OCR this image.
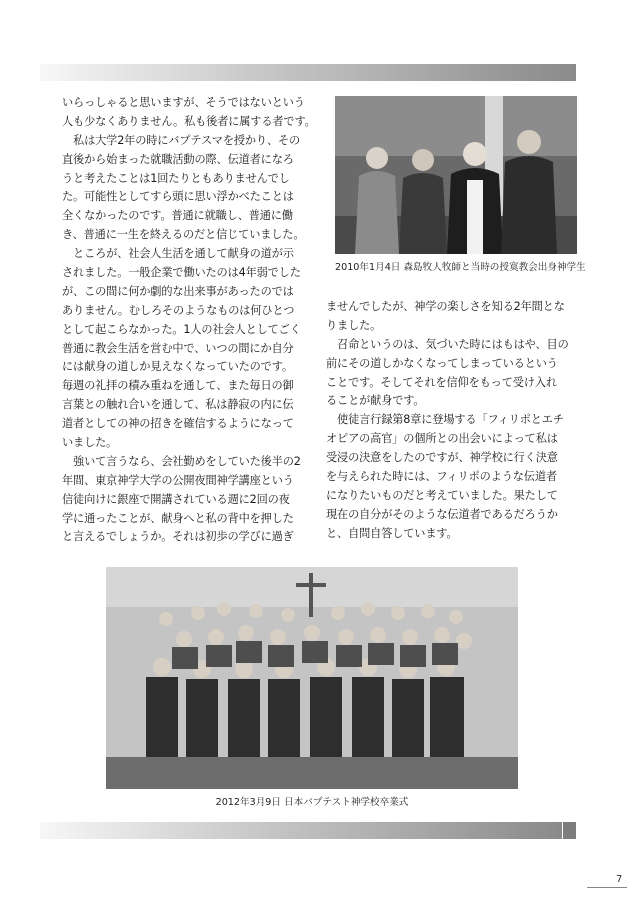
いらっしゃると思いますが、そうではないという
人も少なくありません。私も後者に属する者です。
　私は大学2年の時にバプテスマを授かり、その
直後から始まった就職活動の際、伝道者になろ
うと考えたことは1回たりともありませんでし
た。可能性としてすら頭に思い浮かべたことは
全くなかったのです。普通に就職し、普通に働
き、普通に一生を終えるのだと信じていました。
　ところが、社会人生活を通して献身の道が示
されました。一般企業で働いたのは4年弱でした
が、この間に何か劇的な出来事があったのでは
ありません。むしろそのようなものは何ひとつ
として起こらなかった。1人の社会人としてごく
普通に教会生活を営む中で、いつの間にか自分
には献身の道しか見えなくなっていたのです。
毎週の礼拝の積み重ねを通して、また毎日の御
言葉との触れ合いを通して、私は静寂の内に伝
道者としての神の招きを確信するようになって
いました。
　強いて言うなら、会社勤めをしていた後半の2
年間、東京神学大学の公開夜間神学講座という
信徒向けに銀座で開講されている週に2回の夜
学に通ったことが、献身へと私の背中を押した
と言えるでしょうか。それは初歩の学びに過ぎ
2010年1月4日 森島牧人牧師と当時の授寞教会出身神学生
ませんでしたが、神学の楽しさを知る2年間とな
りました。
　召命というのは、気づいた時にはもはや、目の
前にその道しかなくなってしまっているという
ことです。そしてそれを信仰をもって受け入れ
ることが献身です。
　使徒言行録第8章に登場する「フィリポとエチ
オピアの高官」の個所との出会いによって私は
受浸の決意をしたのですが、神学校に行く決意
を与えられた時には、フィリポのような伝道者
になりたいものだと考えていました。果たして
現在の自分がそのような伝道者であるだろうか
と、自問自答しています。
2012年3月9日 日本バプテスト神学校卒業式
7
